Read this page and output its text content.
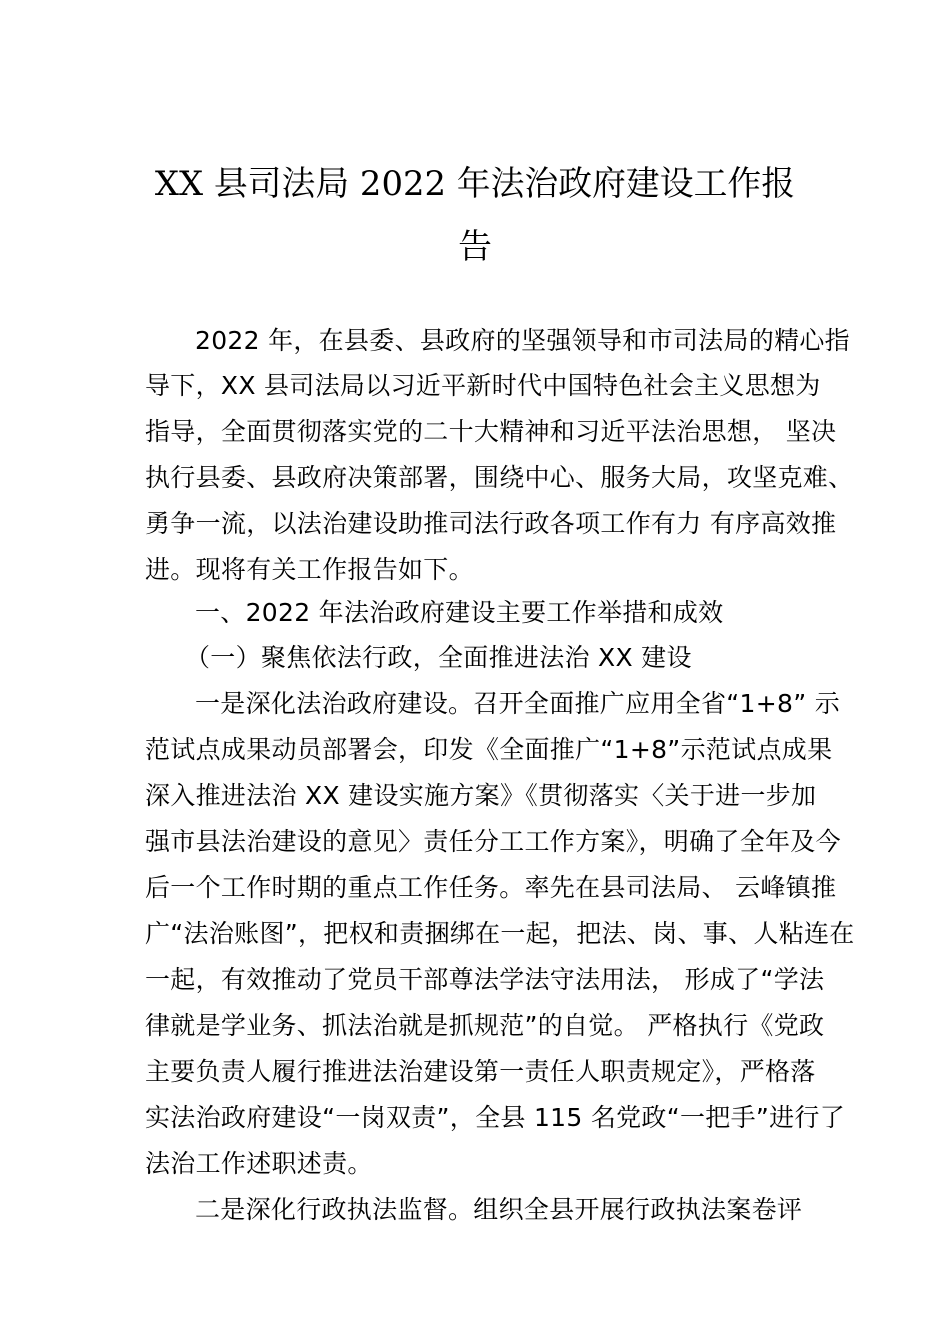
XX 县司法局 2022 年法治政府建设工作报
告
2022 年，在县委、县政府的坚强领导和市司法局的精心指
导下，XX 县司法局以习近平新时代中国特色社会主义思想为
指导，全面贯彻落实党的二十大精神和习近平法治思想， 坚决
执行县委、县政府决策部署，围绕中心、服务大局，攻坚克难、
勇争一流，以法治建设助推司法行政各项工作有力 有序高效推
进。现将有关工作报告如下。
一、2022 年法治政府建设主要工作举措和成效
（一）聚焦依法行政，全面推进法治 XX 建设
一是深化法治政府建设。召开全面推广应用全省“1+8” 示
范试点成果动员部署会，印发《全面推广“1+8”示范试点成果
深入推进法治 XX 建设实施方案》《贯彻落实〈关于进一步加
强市县法治建设的意见〉责任分工工作方案》，明确了全年及今
后一个工作时期的重点工作任务。率先在县司法局、 云峰镇推
广“法治账图”，把权和责捆绑在一起，把法、岗、事、人粘连在
一起，有效推动了党员干部尊法学法守法用法， 形成了“学法
律就是学业务、抓法治就是抓规范”的自觉。 严格执行《党政
主要负责人履行推进法治建设第一责任人职责规定》，严格落
实法治政府建设“一岗双责”，全县 115 名党政“一把手”进行了
法治工作述职述责。
二是深化行政执法监督。组织全县开展行政执法案卷评
